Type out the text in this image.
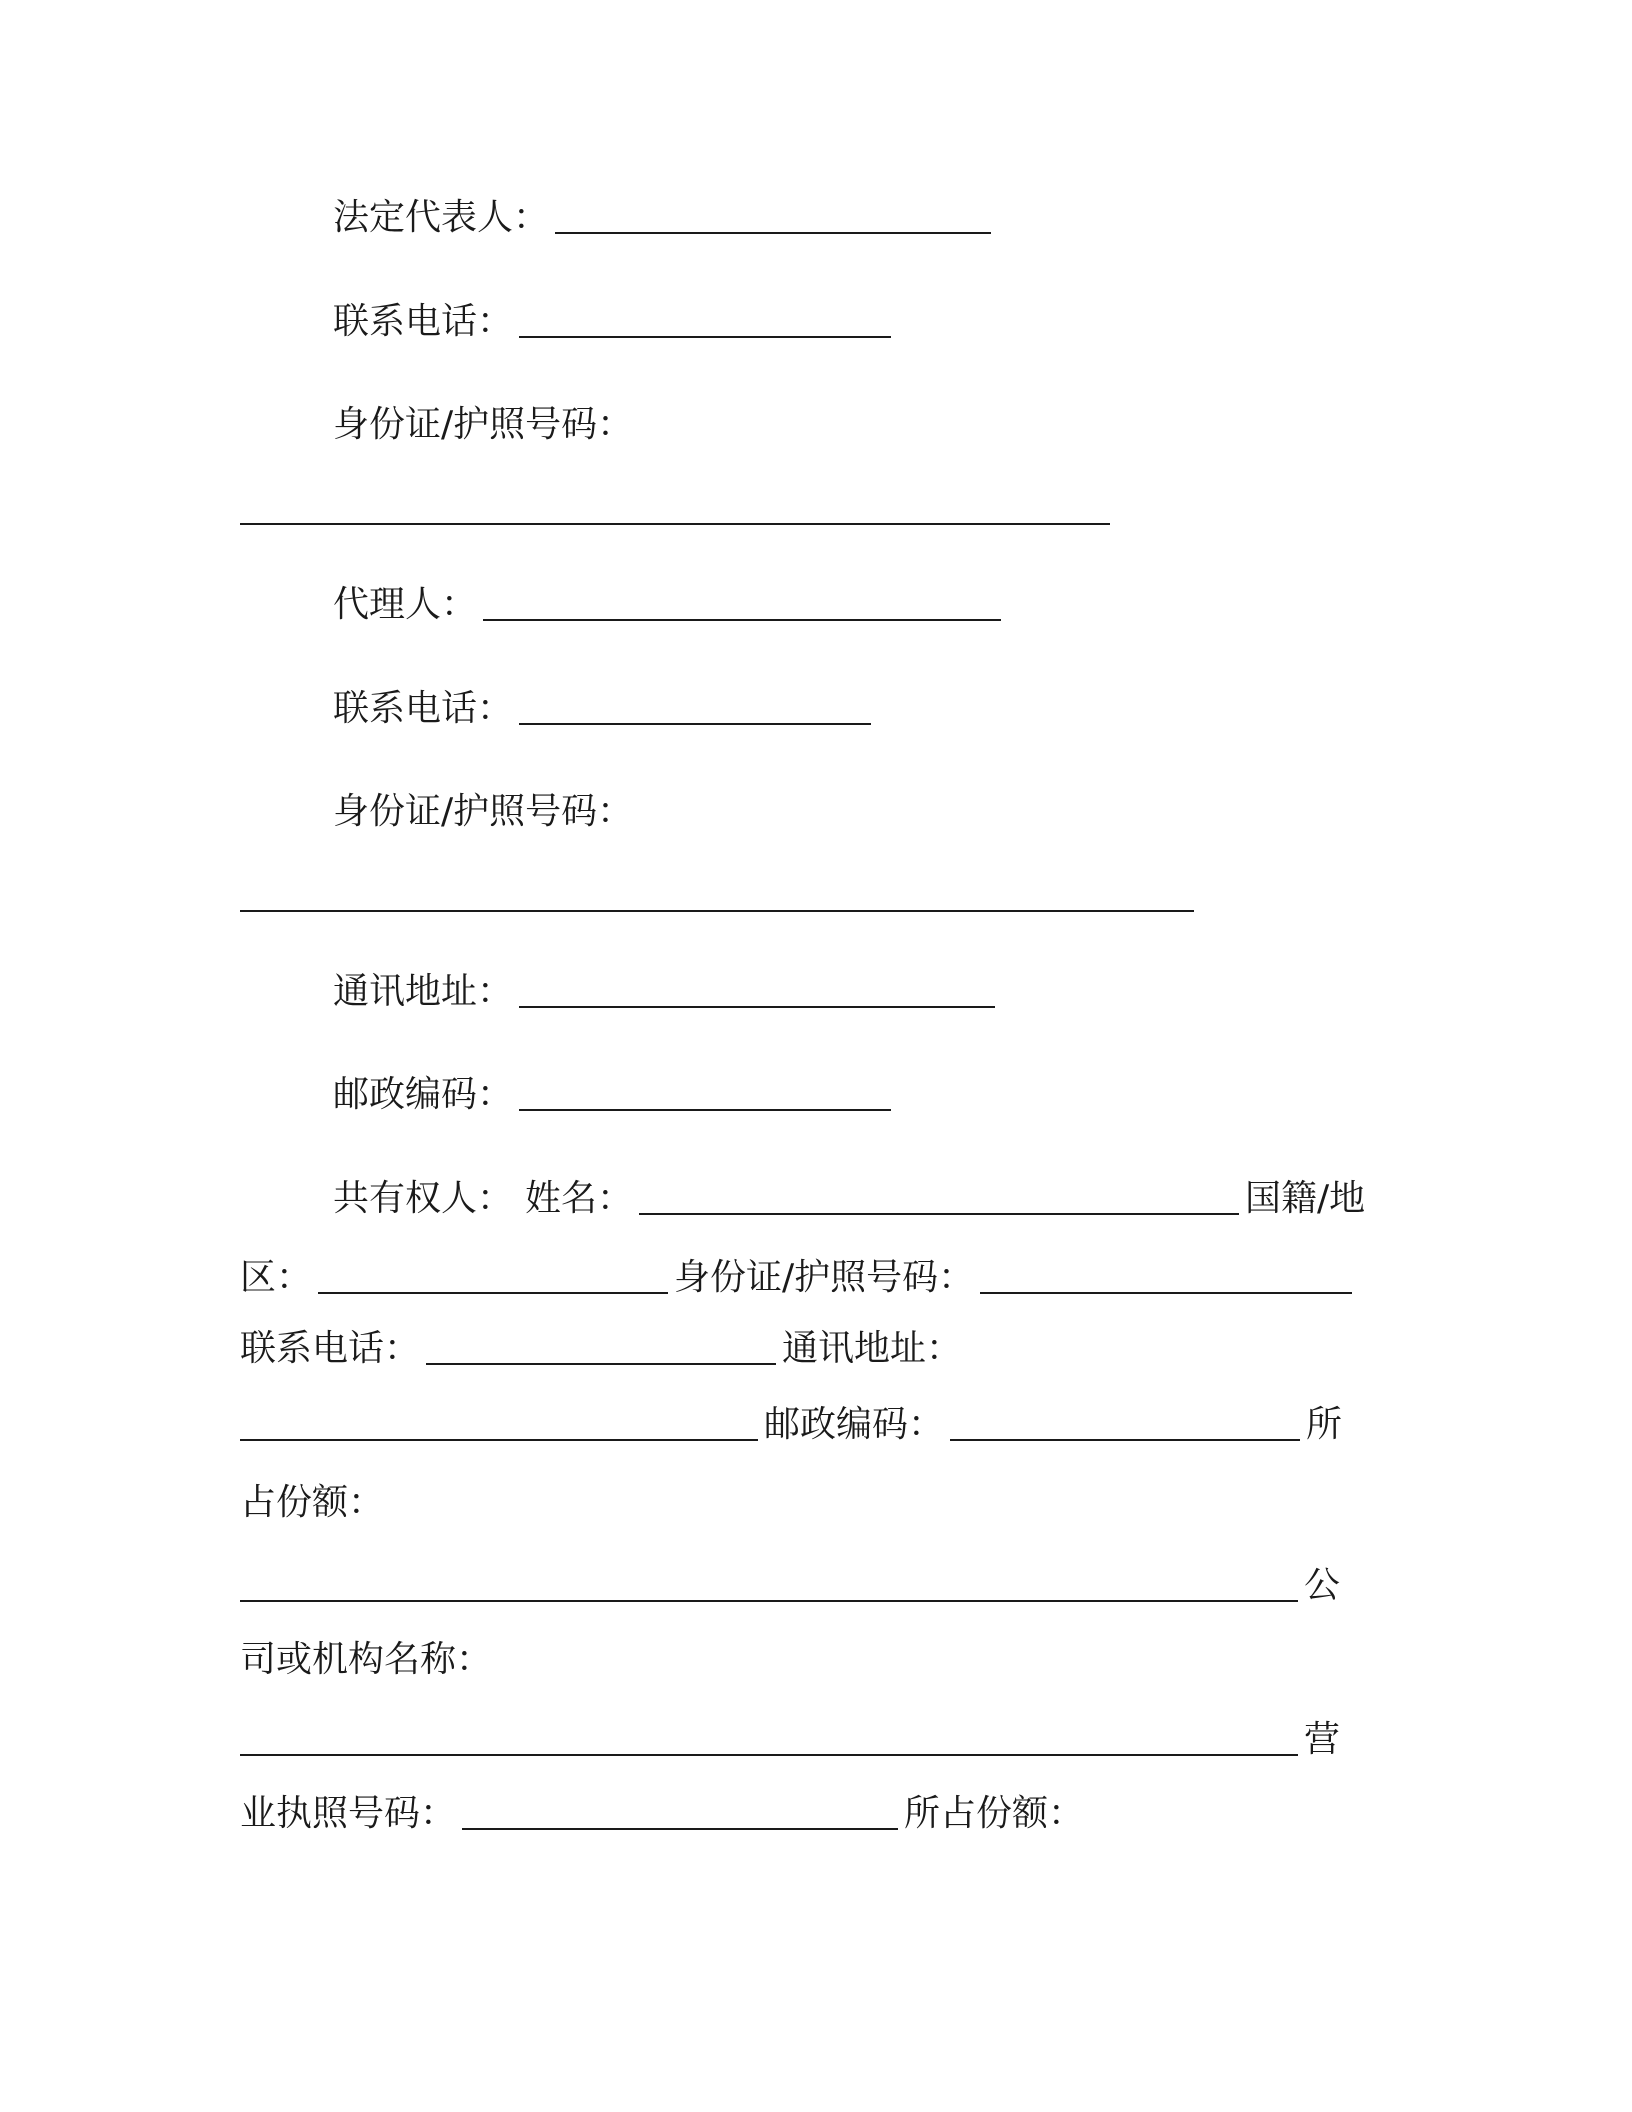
法定代表人：
联系电话：
身份证/护照号码：
代理人：
联系电话：
身份证/护照号码：
通讯地址：
邮政编码：
共有权人： 姓名：	国籍/地
区：	身份证/护照号码：
联系电话：	通讯地址：
邮政编码：	所
占份额：
公
司或机构名称：
营
业执照号码：	所占份额：
